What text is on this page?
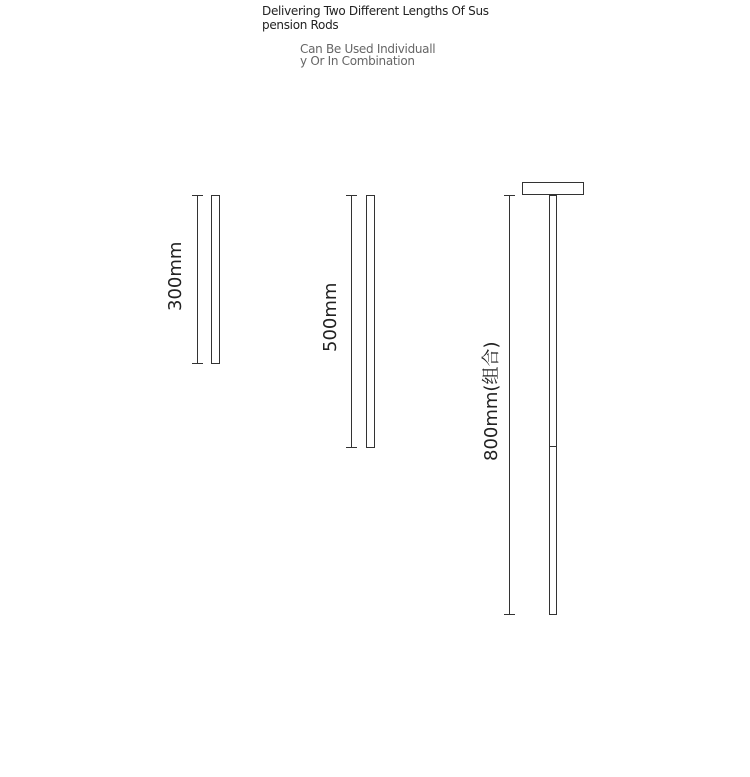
Delivering Two Different Lengths Of Sus
pension Rods
Can Be Used Individuall
y Or In Combination
300mm
500mm
800mm(组合)
